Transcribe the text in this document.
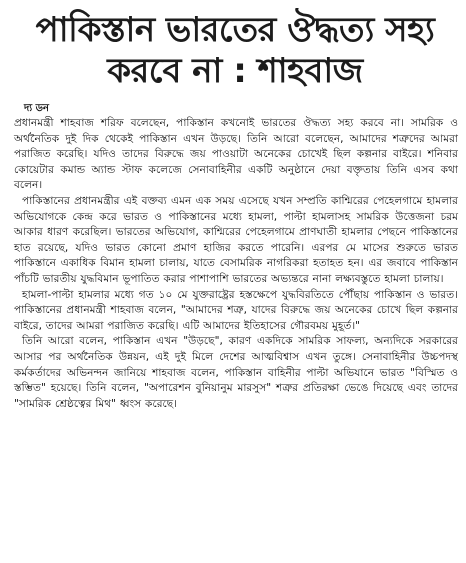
পাকিস্তান ভারতের ঔদ্ধত্য সহ্য
করবে না : শাহবাজ
দ্য ডন

প্রধানমন্ত্রী শাহবাজ শরিফ বলেছেন, পাকিস্তান কখনোই ভারতের ঔদ্ধত্য সহ্য করবে না। সামরিক ও অর্থনৈতিক দুই দিক থেকেই পাকিস্তান এখন উড়ছে। তিনি আরো বলেছেন, আমাদের শত্রুদের আমরা পরাজিত করেছি। যদিও তাদের বিরুদ্ধে জয় পাওয়াটা অনেকের চোখেই ছিল কল্পনার বাইরে। শনিবার কোয়েটার কমান্ড অ্যান্ড স্টাফ কলেজে সেনাবাহিনীর একটি অনুষ্ঠানে দেয়া বক্তৃতায় তিনি এসব কথা বলেন।

পাকিস্তানের প্রধানমন্ত্রীর এই বক্তব্য এমন এক সময় এসেছে যখন সম্প্রতি কাশ্মিরের পেহেলগামে হামলার অভিযোগকে কেন্দ্র করে ভারত ও পাকিস্তানের মধ্যে হামলা, পাল্টা হামলাসহ সামরিক উত্তেজনা চরম আকার ধারণ করেছিল। ভারতের অভিযোগ, কাশ্মিরের পেহেলগামে প্রাণঘাতী হামলার পেছনে পাকিস্তানের হাত রয়েছে, যদিও ভারত কোনো প্রমাণ হাজির করতে পারেনি। এরপর মে মাসের শুরুতে ভারত পাকিস্তানে একাধিক বিমান হামলা চালায়, যাতে বেসামরিক নাগরিকরা হতাহত হন। এর জবাবে পাকিস্তান পাঁচটি ভারতীয় যুদ্ধবিমান ভূপাতিত করার পাশাপাশি ভারতের অভ্যন্তরে নানা লক্ষ্যবস্তুতে হামলা চালায়।

হামলা-পাল্টা হামলার মধ্যে গত ১০ মে যুক্তরাষ্ট্রের হস্তক্ষেপে যুদ্ধবিরতিতে পৌঁছায় পাকিস্তান ও ভারত। পাকিস্তানের প্রধানমন্ত্রী শাহবাজ বলেন, "আমাদের শত্রু, যাদের বিরুদ্ধে জয় অনেকের চোখে ছিল কল্পনার বাইরে, তাদের আমরা পরাজিত করেছি। এটি আমাদের ইতিহাসের গৌরবময় মুহূর্ত।"

তিনি আরো বলেন, পাকিস্তান এখন "উড়ছে", কারণ একদিকে সামরিক সাফল্য, অন্যদিকে সরকারের আসার পর অর্থনৈতিক উন্নয়ন, এই দুই মিলে দেশের আত্মবিশ্বাস এখন তুঙ্গে। সেনাবাহিনীর উচ্চপদস্থ কর্মকর্তাদের অভিনন্দন জানিয়ে শাহবাজ বলেন, পাকিস্তান বাহিনীর পাল্টা অভিযানে ভারত "বিস্মিত ও স্তম্ভিত" হয়েছে। তিনি বলেন, "অপারেশন বুনিয়ানুম মারসুস" শত্রুর প্রতিরক্ষা ভেঙে দিয়েছে এবং তাদের "সামরিক শ্রেষ্ঠত্বের মিথ" ধ্বংস করেছে।
